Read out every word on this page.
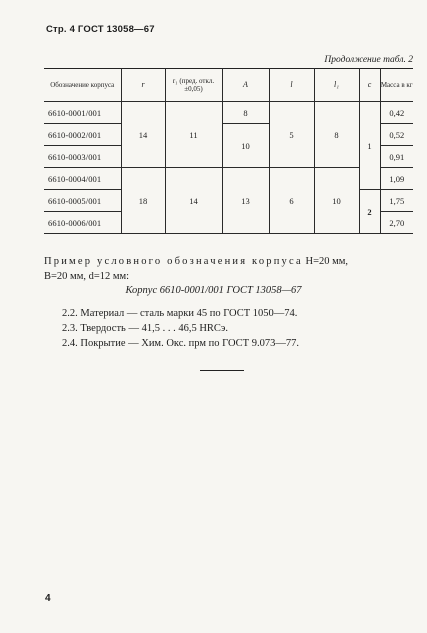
Стр. 4 ГОСТ 13058—67
Продолжение табл. 2
Обозначение корпуса	r	r₁ (пред. откл. ±0,05)	A	l	l₁	c	Масса в кг
6610-0001/001	14	11	8	5	8	1	0,42
6610-0002/001			10				0,52
6610-0003/001							0,91
6610-0004/001	18	14	13	6	10		1,09
6610-0005/001						2	1,75
6610-0006/001							2,70
Пример условного обозначения корпуса H=20 мм,
B=20 мм, d=12 мм:
Корпус 6610-0001/001 ГОСТ 13058—67
2.2. Материал — сталь марки 45 по ГОСТ 1050—74.
2.3. Твердость — 41,5 . . . 46,5 HRCэ.
2.4. Покрытие — Хим. Окс. прм по ГОСТ 9.073—77.
4
